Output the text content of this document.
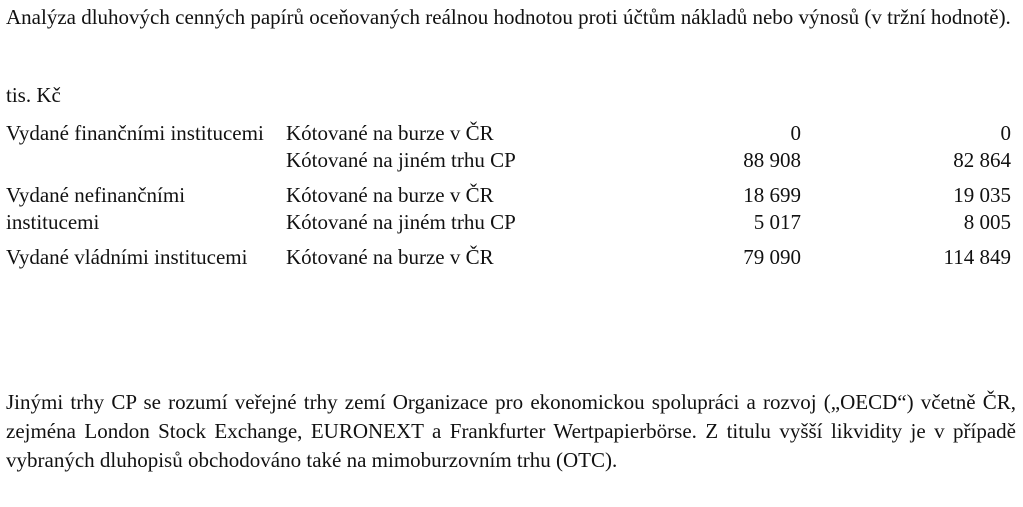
Analýza dluhových cenných papírů oceňovaných reálnou hodnotou proti účtům nákladů nebo výnosů (v tržní hodnotě).

tis. Kč

Vydané finančními institucemi	Kótované na burze v ČR	0	0
Kótované na jiném trhu CP	88 908	82 864
Vydané nefinančními institucemi
Kótované na burze v ČR	18 699	19 035
Kótované na jiném trhu CP	5 017	8 005
Vydané vládními institucemi	Kótované na burze v ČR	79 090	114 849

Jinými trhy CP se rozumí veřejné trhy zemí Organizace pro ekonomickou spolupráci a rozvoj („OECD“) včetně ČR, zejména London Stock Exchange, EURONEXT a Frankfurter Wertpapierbörse. Z titulu vyšší likvidity je v případě vybraných dluhopisů obchodováno také na mimoburzovním trhu (OTC).
